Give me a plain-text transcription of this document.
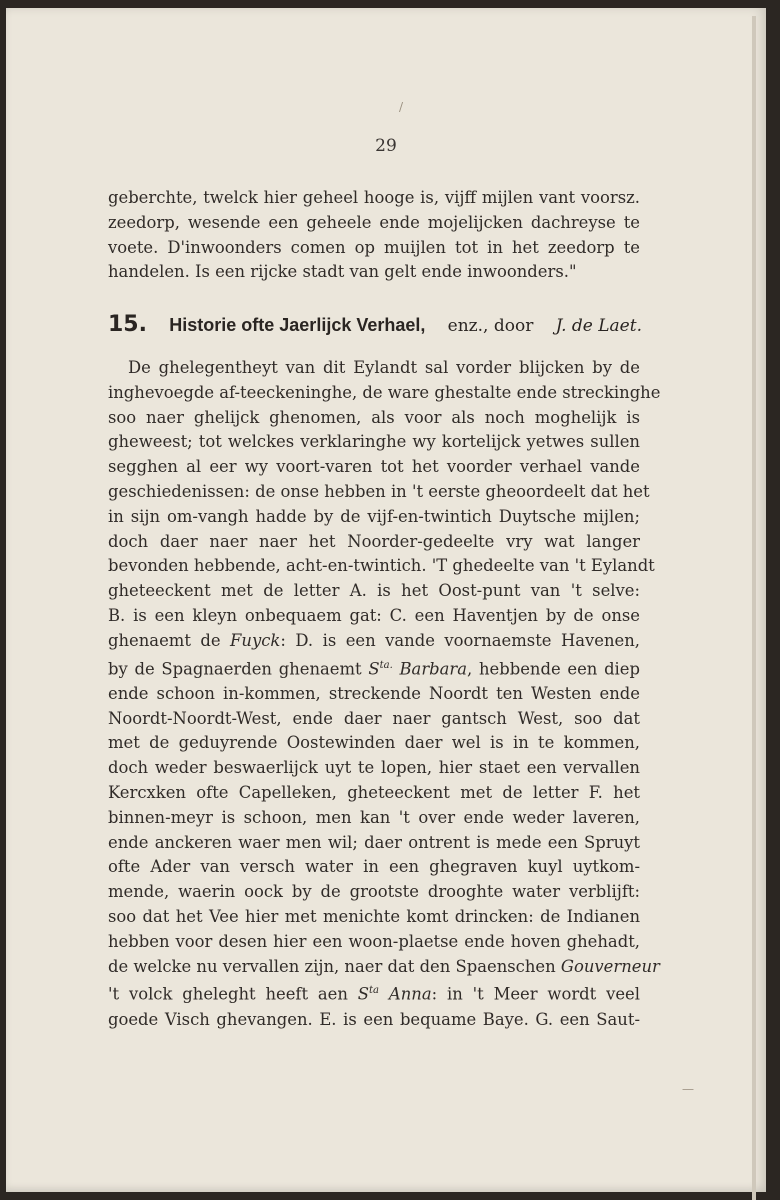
/
—
29
geberchte, twelck hier geheel hooge is, vijff mijlen vant voorsz.
zeedorp, wesende een geheele ende mojelijcken dachreyse te
voete. D'inwoonders comen op muijlen tot in het zeedorp te
handelen. Is een rijcke stadt van gelt ende inwoonders."
15. Historie ofte Jaerlijck Verhael, enz., door J. de Laet.
De ghelegentheyt van dit Eylandt sal vorder blijcken by de
inghevoegde af-teeckeninghe, de ware ghestalte ende streckinghe
soo naer ghelijck ghenomen, als voor als noch moghelijk is
gheweest; tot welckes verklaringhe wy kortelijck yetwes sullen
segghen al eer wy voort-varen tot het voorder verhael vande
geschiedenissen: de onse hebben in 't eerste gheoordeelt dat het
in sijn om-vangh hadde by de vijf-en-twintich Duytsche mijlen;
doch daer naer naer het Noorder-gedeelte vry wat langer
bevonden hebbende, acht-en-twintich. 'T ghedeelte van 't Eylandt
gheteeckent met de letter A. is het Oost-punt van 't selve:
B. is een kleyn onbequaem gat: C. een Haventjen by de onse
ghenaemt de Fuyck: D. is een vande voornaemste Havenen,
by de Spagnaerden ghenaemt $S^{ta.}$ Barbara, hebbende een diep
ende schoon in-kommen, streckende Noordt ten Westen ende
Noordt-Noordt-West, ende daer naer gantsch West, soo dat
met de geduyrende Oostewinden daer wel is in te kommen,
doch weder beswaerlijck uyt te lopen, hier staet een vervallen
Kercxken ofte Capelleken, gheteeckent met de letter F. het
binnen-meyr is schoon, men kan 't over ende weder laveren,
ende anckeren waer men wil; daer ontrent is mede een Spruyt
ofte Ader van versch water in een ghegraven kuyl uytkom-
mende, waerin oock by de grootste drooghte water verblijft:
soo dat het Vee hier met menichte komt drincken: de Indianen
hebben voor desen hier een woon-plaetse ende hoven ghehadt,
de welcke nu vervallen zijn, naer dat den Spaenschen Gouverneur
't volck gheleght heeft aen $S^{ta}$ Anna: in 't Meer wordt veel
goede Visch ghevangen. E. is een bequame Baye. G. een Saut-
